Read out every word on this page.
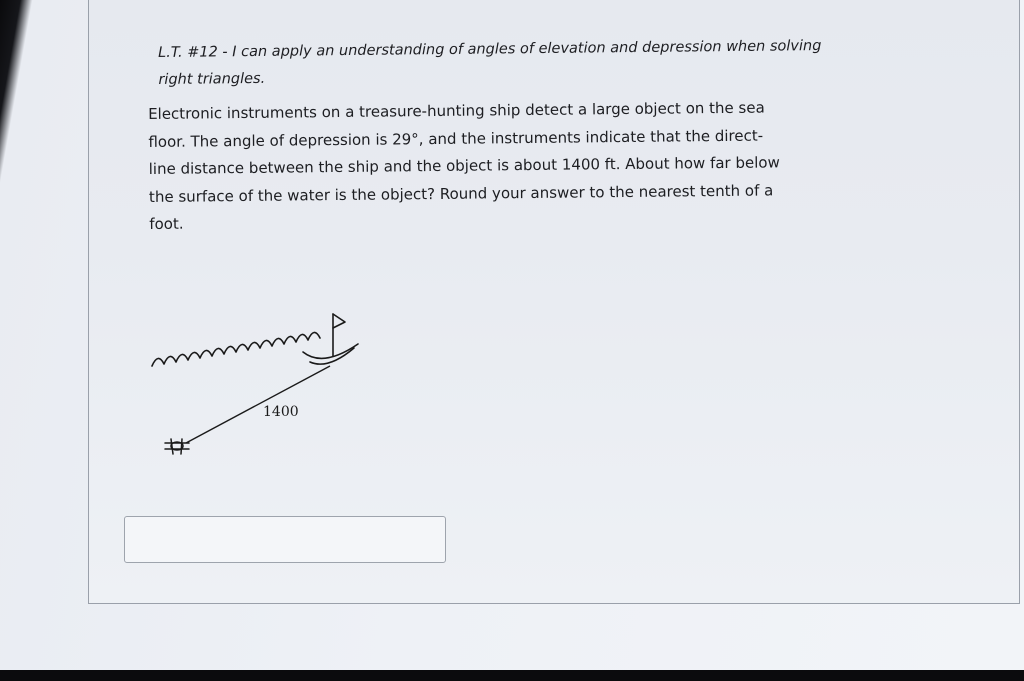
L.T. #12 - I can apply an understanding of angles of elevation and depression when solving
right triangles.
Electronic instruments on a treasure-hunting ship detect a large object on the sea
floor. The angle of depression is 29°, and the instruments indicate that the direct-
line distance between the ship and the object is about 1400 ft. About how far below
the surface of the water is the object? Round your answer to the nearest tenth of a
foot.
1400
